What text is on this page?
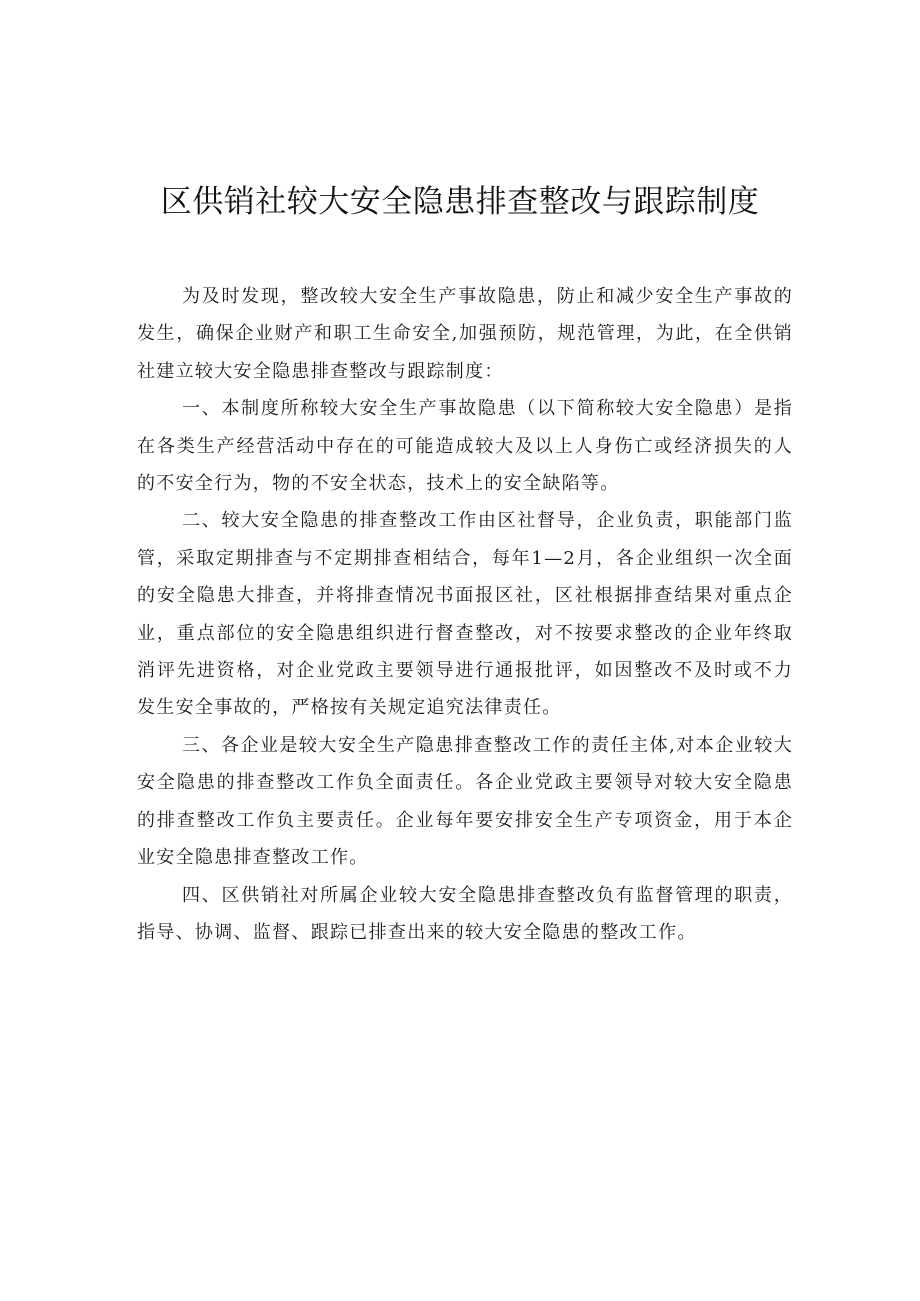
区供销社较大安全隐患排查整改与跟踪制度

为及时发现，整改较大安全生产事故隐患，防止和减少安全生产事故的发生，确保企业财产和职工生命安全,加强预防，规范管理，为此，在全供销社建立较大安全隐患排查整改与跟踪制度：

一、本制度所称较大安全生产事故隐患（以下简称较大安全隐患）是指在各类生产经营活动中存在的可能造成较大及以上人身伤亡或经济损失的人的不安全行为，物的不安全状态，技术上的安全缺陷等。

二、较大安全隐患的排查整改工作由区社督导，企业负责，职能部门监管，采取定期排查与不定期排查相结合，每年1—2月，各企业组织一次全面的安全隐患大排查，并将排查情况书面报区社，区社根据排查结果对重点企业，重点部位的安全隐患组织进行督查整改，对不按要求整改的企业年终取消评先进资格，对企业党政主要领导进行通报批评，如因整改不及时或不力发生安全事故的，严格按有关规定追究法律责任。

三、各企业是较大安全生产隐患排查整改工作的责任主体,对本企业较大安全隐患的排查整改工作负全面责任。各企业党政主要领导对较大安全隐患的排查整改工作负主要责任。企业每年要安排安全生产专项资金，用于本企业安全隐患排查整改工作。

四、区供销社对所属企业较大安全隐患排查整改负有监督管理的职责，指导、协调、监督、跟踪已排查出来的较大安全隐患的整改工作。
